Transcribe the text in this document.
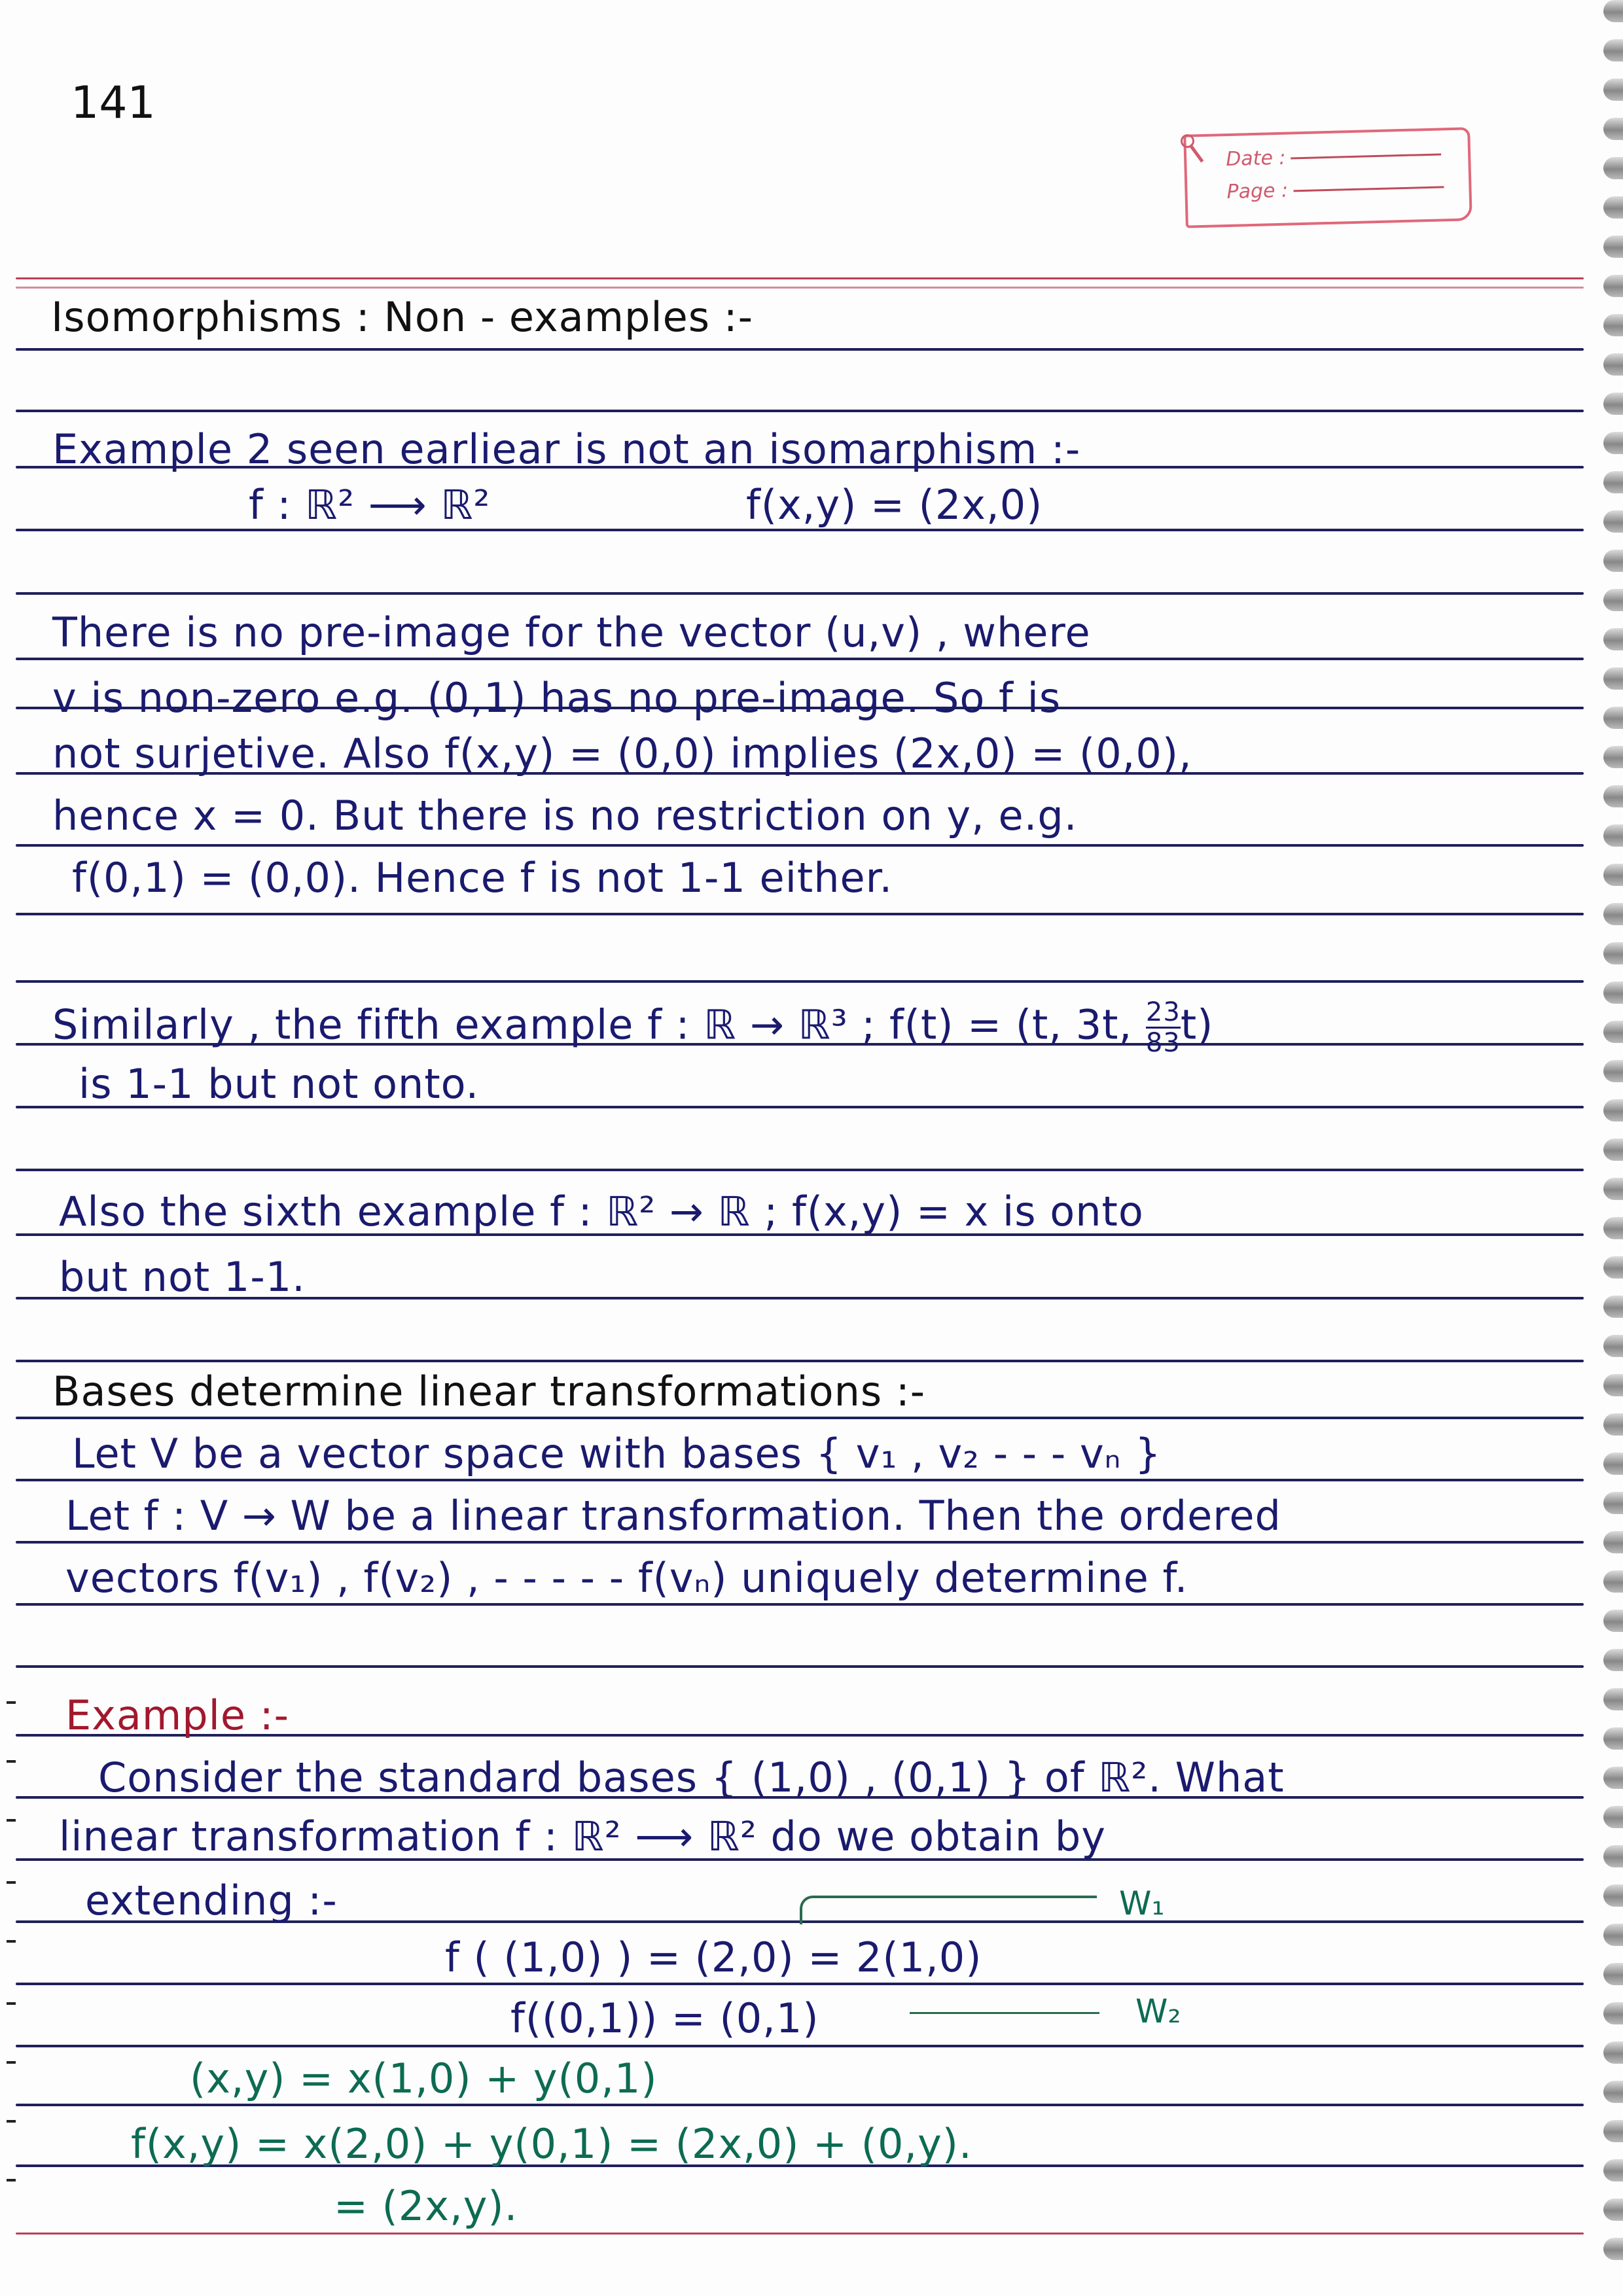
141
Date :
Page :
Isomorphisms : Non - examples :-
Example 2 seen earliear is not an isomarphism :-
f : ℝ² ⟶ ℝ²	f(x,y) = (2x,0)
There is no pre-image for the vector (u,v) , where
v is non-zero e.g. (0,1) has no pre-image. So f is
not surjetive. Also f(x,y) = (0,0) implies (2x,0) = (0,0),
hence x = 0. But there is no restriction on y, e.g.
f(0,1) = (0,0). Hence f is not 1-1 either.
Similarly , the fifth example f : ℝ → ℝ³ ; f(t) = (t, 3t, $\frac{23}{83} t$)
is 1-1 but not onto.
Also the sixth example f : ℝ² → ℝ ; f(x,y) = x is onto
but not 1-1.
Bases determine linear transformations :-
Let V be a vector space with bases { v₁ , v₂ - - - vₙ }
Let f : V → W be a linear transformation. Then the ordered
vectors f(v₁) , f(v₂) , - - - - - f(vₙ) uniquely determine f.
Example :-
Consider the standard bases { (1,0) , (0,1) } of ℝ². What
linear transformation f : ℝ² ⟶ ℝ² do we obtain by
extending :-	W₁
f ( (1,0) ) = (2,0) = 2(1,0)
f((0,1)) = (0,1)	W₂
(x,y) = x(1,0) + y(0,1)
f(x,y) = x(2,0) + y(0,1) = (2x,0) + (0,y).
= (2x,y).
